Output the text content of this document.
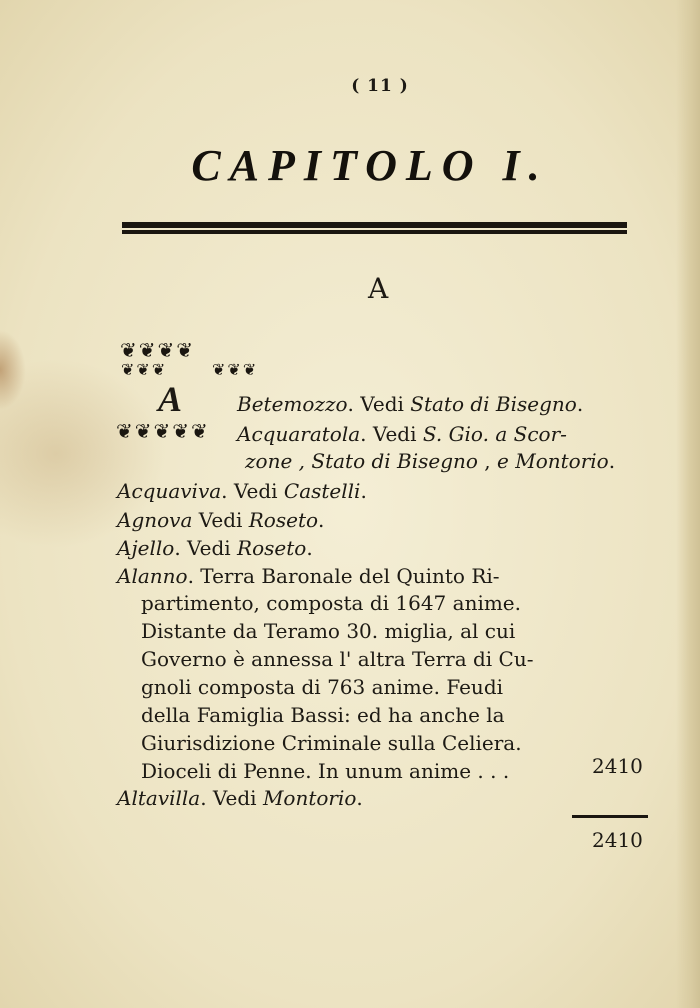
( 11 )
CAPITOLO I.
A
❦❦❦❦
❦❦❦	❦❦❦
❦❦❦❦❦
A	Betemozzo. Vedi Stato di Bisegno.
Acquaratola. Vedi S. Gio. a Scor-
zone , Stato di Bisegno , e Montorio.
Acquaviva. Vedi Castelli.
Agnova Vedi Roseto.
Ajello. Vedi Roseto.
Alanno. Terra Baronale del Quinto Ri-
partimento, composta di 1647 anime.
Distante da Teramo 30. miglia, al cui
Governo è annessa l' altra Terra di Cu-
gnoli composta di 763 anime. Feudi
della Famiglia Bassi: ed ha anche la
Giurisdizione Criminale sulla Celiera.
Dioceli di Penne. In unum anime . . .
Altavilla. Vedi Montorio.
2410
2410
